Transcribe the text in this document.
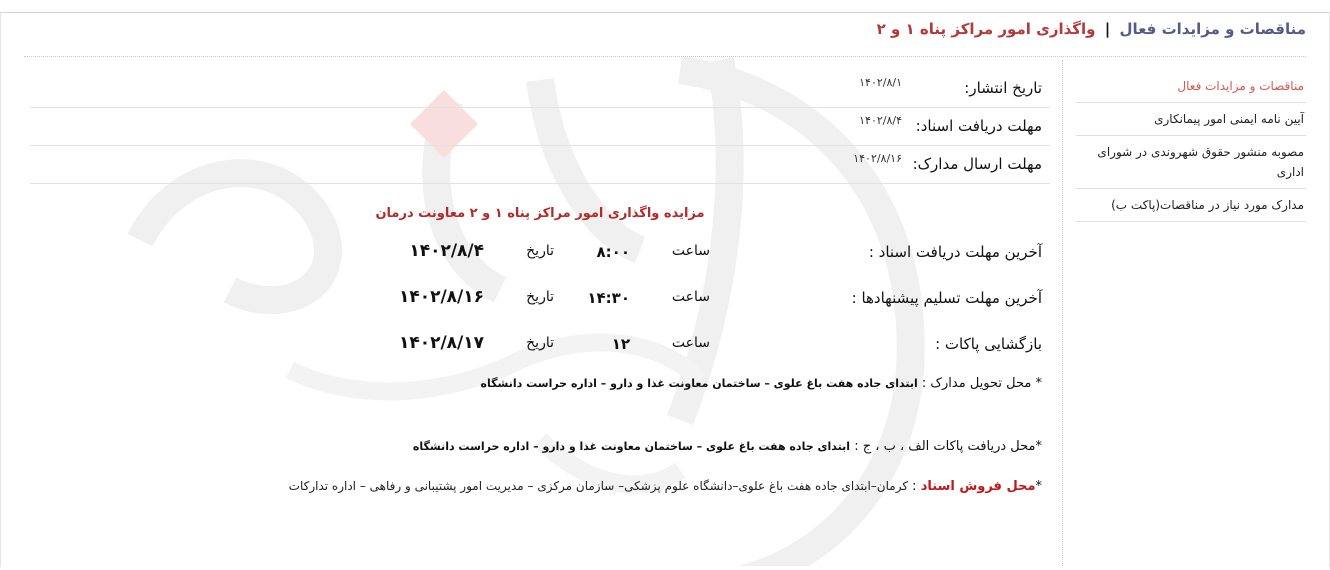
مناقصات و مزایدات فعال | واگذاری امور مراکز پناه ۱ و ۲
مناقصات و مزایدات فعال
آیین نامه ایمنی امور پیمانکاری
مصوبه منشور حقوق شهروندی در شورای اداری
مدارک مورد نیاز در مناقصات(پاکت ب)
تاریخ انتشار:
۱۴۰۲/۸/۱
مهلت دریافت اسناد:
۱۴۰۲/۸/۴
مهلت ارسال مدارک:
۱۴۰۲/۸/۱۶
مزایده واگذاری امور مراکز پناه ۱ و ۲ معاونت درمان
آخرین مهلت دریافت اسناد :
ساعت
۸:۰۰
تاریخ
۱۴۰۲/۸/۴
آخرین مهلت تسلیم پیشنهادها :
ساعت
۱۴:۳۰
تاریخ
۱۴۰۲/۸/۱۶
بازگشایی پاکات :
ساعت
۱۲
تاریخ
۱۴۰۲/۸/۱۷
* محل تحویل مدارک : ابتدای جاده هفت باغ علوی – ساختمان معاونت غذا و دارو – اداره حراست دانشگاه
*محل دریافت پاکات الف ، ب ، ج : ابتدای جاده هفت باغ علوی – ساختمان معاونت غذا و دارو – اداره حراست دانشگاه
*محل فروش اسناد : کرمان–ابتدای جاده هفت باغ علوی–دانشگاه علوم پزشکی– سازمان مرکزی – مدیریت امور پشتیبانی و رفاهی – اداره تدارکات
